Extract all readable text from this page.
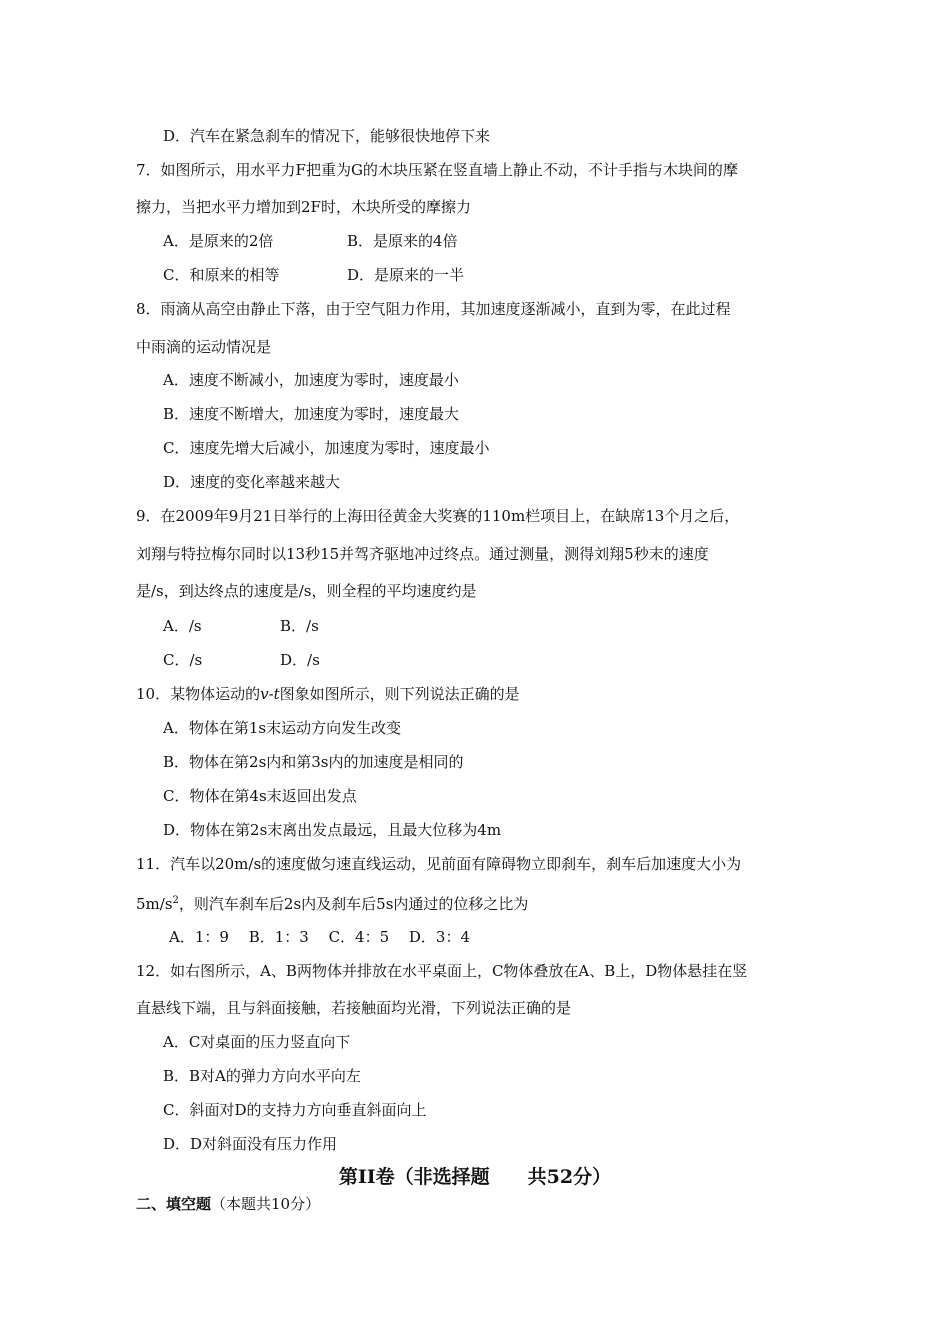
D．汽车在紧急刹车的情况下，能够很快地停下来
7．如图所示，用水平力F把重为G的木块压紧在竖直墙上静止不动，不计手指与木块间的摩
擦力，当把水平力增加到2F时，木块所受的摩擦力
A．是原来的2倍	B．是原来的4倍
C．和原来的相等	D．是原来的一半
8．雨滴从高空由静止下落，由于空气阻力作用，其加速度逐渐减小，直到为零，在此过程
中雨滴的运动情况是
A．速度不断减小，加速度为零时，速度最小
B．速度不断增大，加速度为零时，速度最大
C．速度先增大后减小，加速度为零时，速度最小
D．速度的变化率越来越大
9．在2009年9月21日举行的上海田径黄金大奖赛的110m栏项目上，在缺席13个月之后，
刘翔与特拉梅尔同时以13秒15并驾齐驱地冲过终点。通过测量，测得刘翔5秒末的速度
是/s，到达终点的速度是/s，则全程的平均速度约是
A．/s	B．/s
C．/s	D．/s
10．某物体运动的v-t图象如图所示，则下列说法正确的是
A．物体在第1s末运动方向发生改变
B．物体在第2s内和第3s内的加速度是相同的
C．物体在第4s末返回出发点
D．物体在第2s末离出发点最远，且最大位移为4m
11．汽车以20m/s的速度做匀速直线运动，见前面有障碍物立即刹车，刹车后加速度大小为
$5m/s^2$，则汽车刹车后2s内及刹车后5s内通过的位移之比为
A．1：9　 B．1：3　 C．4：5　 D．3：4
12．如右图所示，A、B两物体并排放在水平桌面上，C物体叠放在A、B上，D物体悬挂在竖
直悬线下端，且与斜面接触，若接触面均光滑，下列说法正确的是
A．C对桌面的压力竖直向下
B．B对A的弹力方向水平向左
C．斜面对D的支持力方向垂直斜面向上
D．D对斜面没有压力作用
第II卷（非选择题　　共52分）
二、填空题（本题共10分）
